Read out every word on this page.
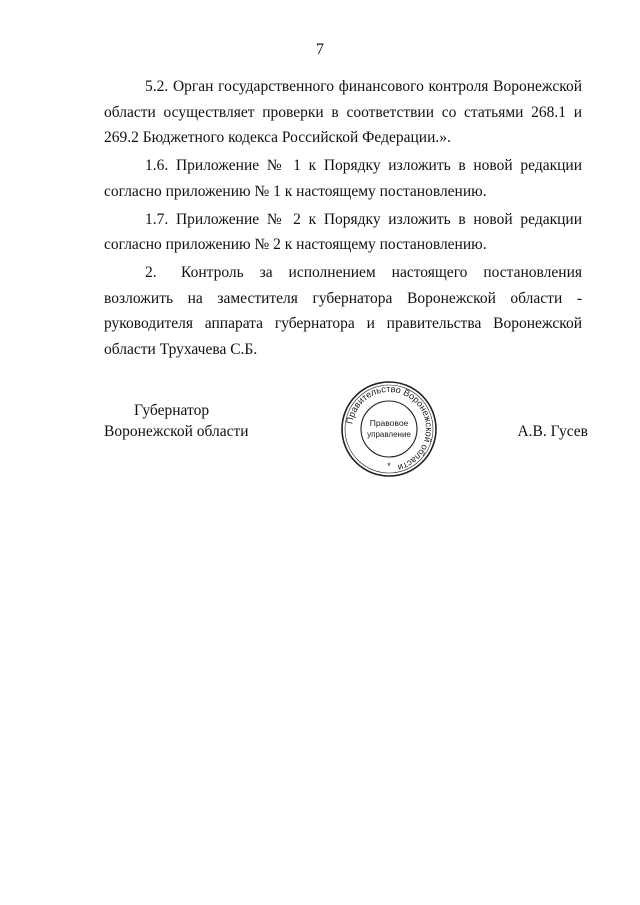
7

5.2. Орган государственного финансового контроля Воронежской области осуществляет проверки в соответствии со статьями 268.1 и 269.2 Бюджетного кодекса Российской Федерации.».

1.6. Приложение № 1 к Порядку изложить в новой редакции согласно приложению № 1 к настоящему постановлению.

1.7. Приложение № 2 к Порядку изложить в новой редакции согласно приложению № 2 к настоящему постановлению.

2. Контроль за исполнением настоящего постановления возложить на заместителя губернатора Воронежской области - руководителя аппарата губернатора и правительства Воронежской области Трухачева С.Б.

Губернатор
Воронежской области
Правительство Воронежской области
Правовое
управление
*
А.В. Гусев
